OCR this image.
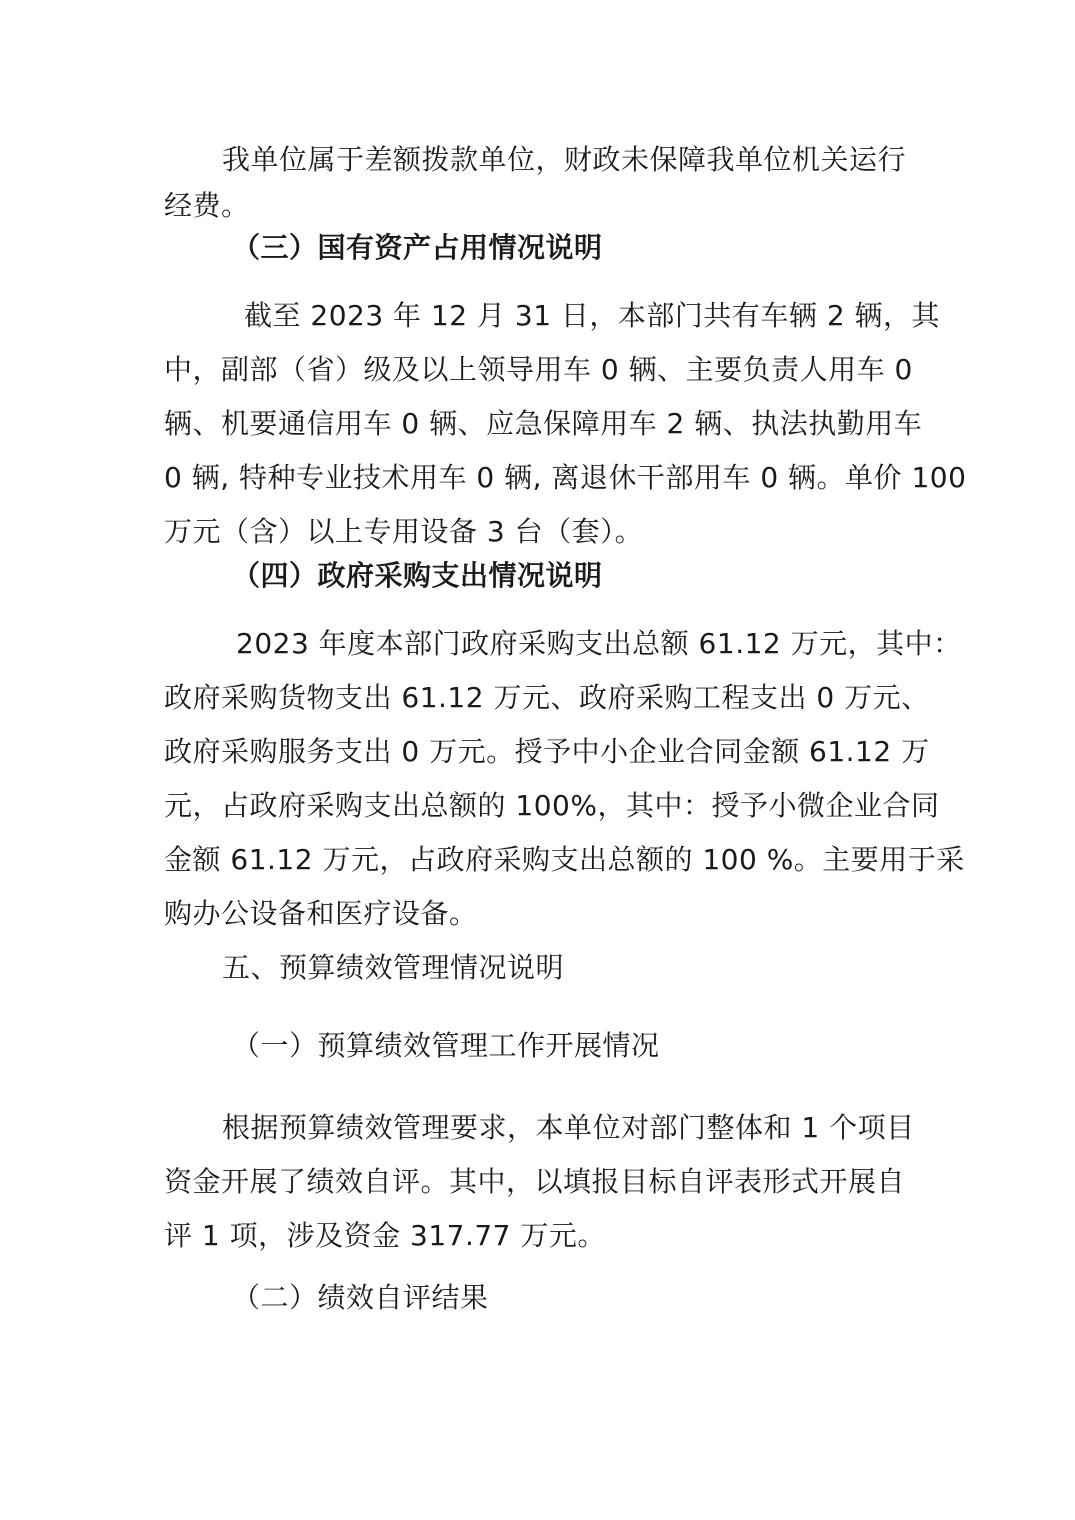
我单位属于差额拨款单位，财政未保障我单位机关运行
经费。
（三）国有资产占用情况说明
截至 2023 年 12 月 31 日，本部门共有车辆 2 辆，其
中，副部（省）级及以上领导用车 0 辆、主要负责人用车 0
辆、机要通信用车 0 辆、应急保障用车 2 辆、执法执勤用车
0 辆, 特种专业技术用车 0 辆, 离退休干部用车 0 辆。单价 100
万元（含）以上专用设备 3 台（套）。
（四）政府采购支出情况说明
2023 年度本部门政府采购支出总额 61.12 万元，其中：
政府采购货物支出 61.12 万元、政府采购工程支出 0 万元、
政府采购服务支出 0 万元。授予中小企业合同金额 61.12 万
元，占政府采购支出总额的 100%，其中：授予小微企业合同
金额 61.12 万元，占政府采购支出总额的 100 %。主要用于采
购办公设备和医疗设备。
五、预算绩效管理情况说明
（一）预算绩效管理工作开展情况
根据预算绩效管理要求，本单位对部门整体和 1 个项目
资金开展了绩效自评。其中，以填报目标自评表形式开展自
评 1 项，涉及资金 317.77 万元。
（二）绩效自评结果
